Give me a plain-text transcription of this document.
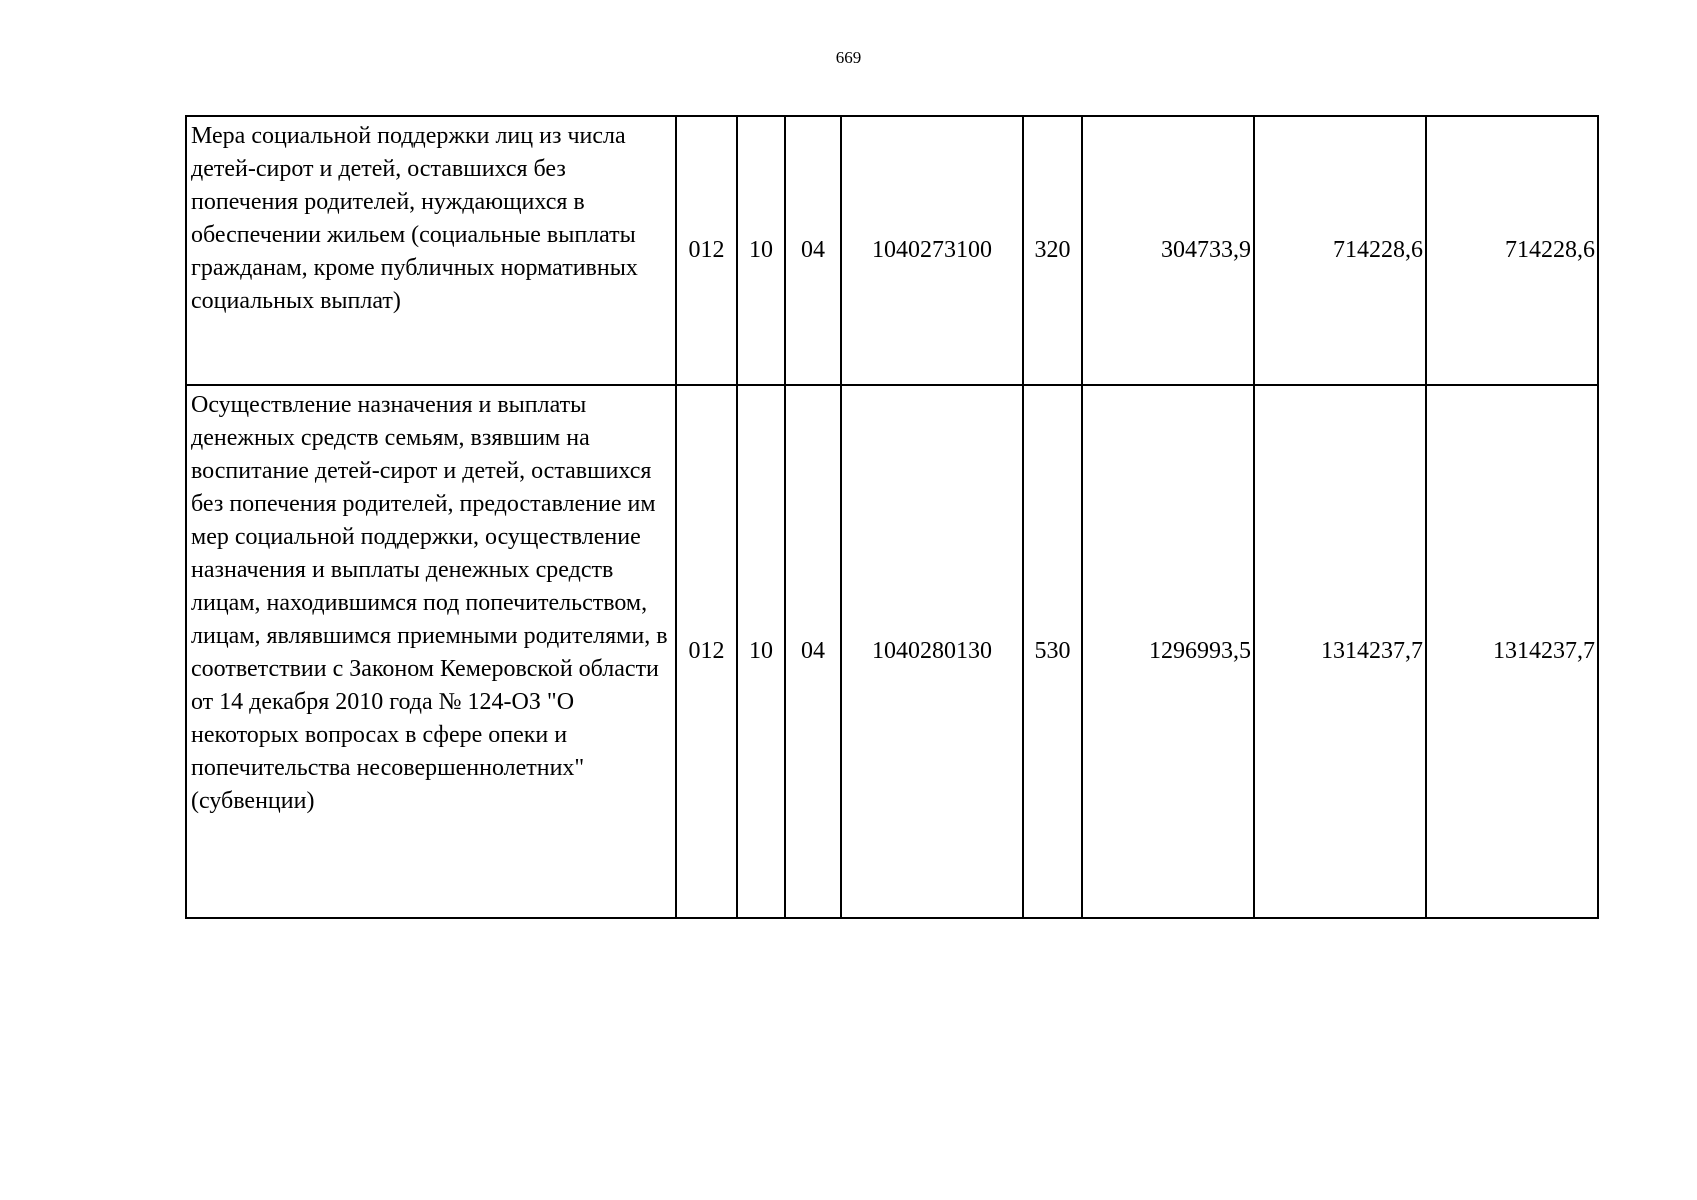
669
Мера социальной поддержки лиц из числа детей-сирот и детей, оставшихся без попечения родителей, нуждающихся в обеспечении жильем (социальные выплаты гражданам, кроме публичных нормативных социальных выплат)	012	10	04	1040273100	320	304733,9	714228,6	714228,6
Осуществление назначения и выплаты денежных средств семьям, взявшим на воспитание детей-сирот и детей, оставшихся без попечения родителей, предоставление им мер социальной поддержки, осуществление назначения и выплаты денежных средств лицам, находившимся под попечительством, лицам, являвшимся приемными родителями, в соответствии с Законом Кемеровской области от 14 декабря 2010 года № 124-ОЗ "О некоторых вопросах в сфере опеки и попечительства несовершеннолетних" (субвенции)	012	10	04	1040280130	530	1296993,5	1314237,7	1314237,7
